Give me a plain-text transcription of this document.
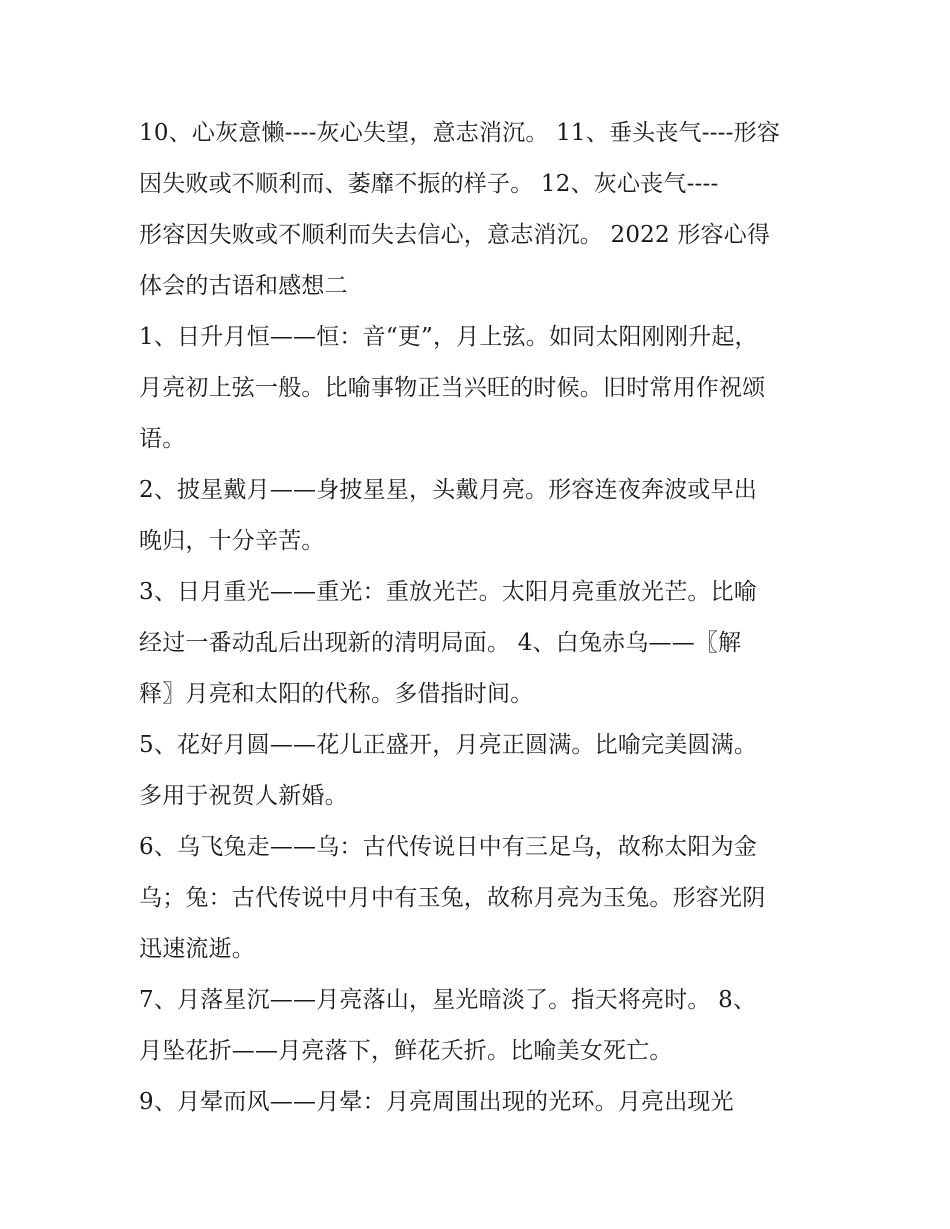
10、心灰意懒----灰心失望，意志消沉。 11、垂头丧气----形容
因失败或不顺利而、萎靡不振的样子。 12、灰心丧气----
形容因失败或不顺利而失去信心，意志消沉。 2022 形容心得
体会的古语和感想二
1、日升月恒——恒：音“更”，月上弦。如同太阳刚刚升起，
月亮初上弦一般。比喻事物正当兴旺的时候。旧时常用作祝颂
语。
2、披星戴月——身披星星，头戴月亮。形容连夜奔波或早出
晚归，十分辛苦。
3、日月重光——重光：重放光芒。太阳月亮重放光芒。比喻
经过一番动乱后出现新的清明局面。 4、白兔赤乌——〖解
释〗月亮和太阳的代称。多借指时间。
5、花好月圆——花儿正盛开，月亮正圆满。比喻完美圆满。
多用于祝贺人新婚。
6、乌飞兔走——乌：古代传说日中有三足乌，故称太阳为金
乌；兔：古代传说中月中有玉兔，故称月亮为玉兔。形容光阴
迅速流逝。
7、月落星沉——月亮落山，星光暗淡了。指天将亮时。 8、
月坠花折——月亮落下，鲜花夭折。比喻美女死亡。
9、月晕而风——月晕：月亮周围出现的光环。月亮出现光
